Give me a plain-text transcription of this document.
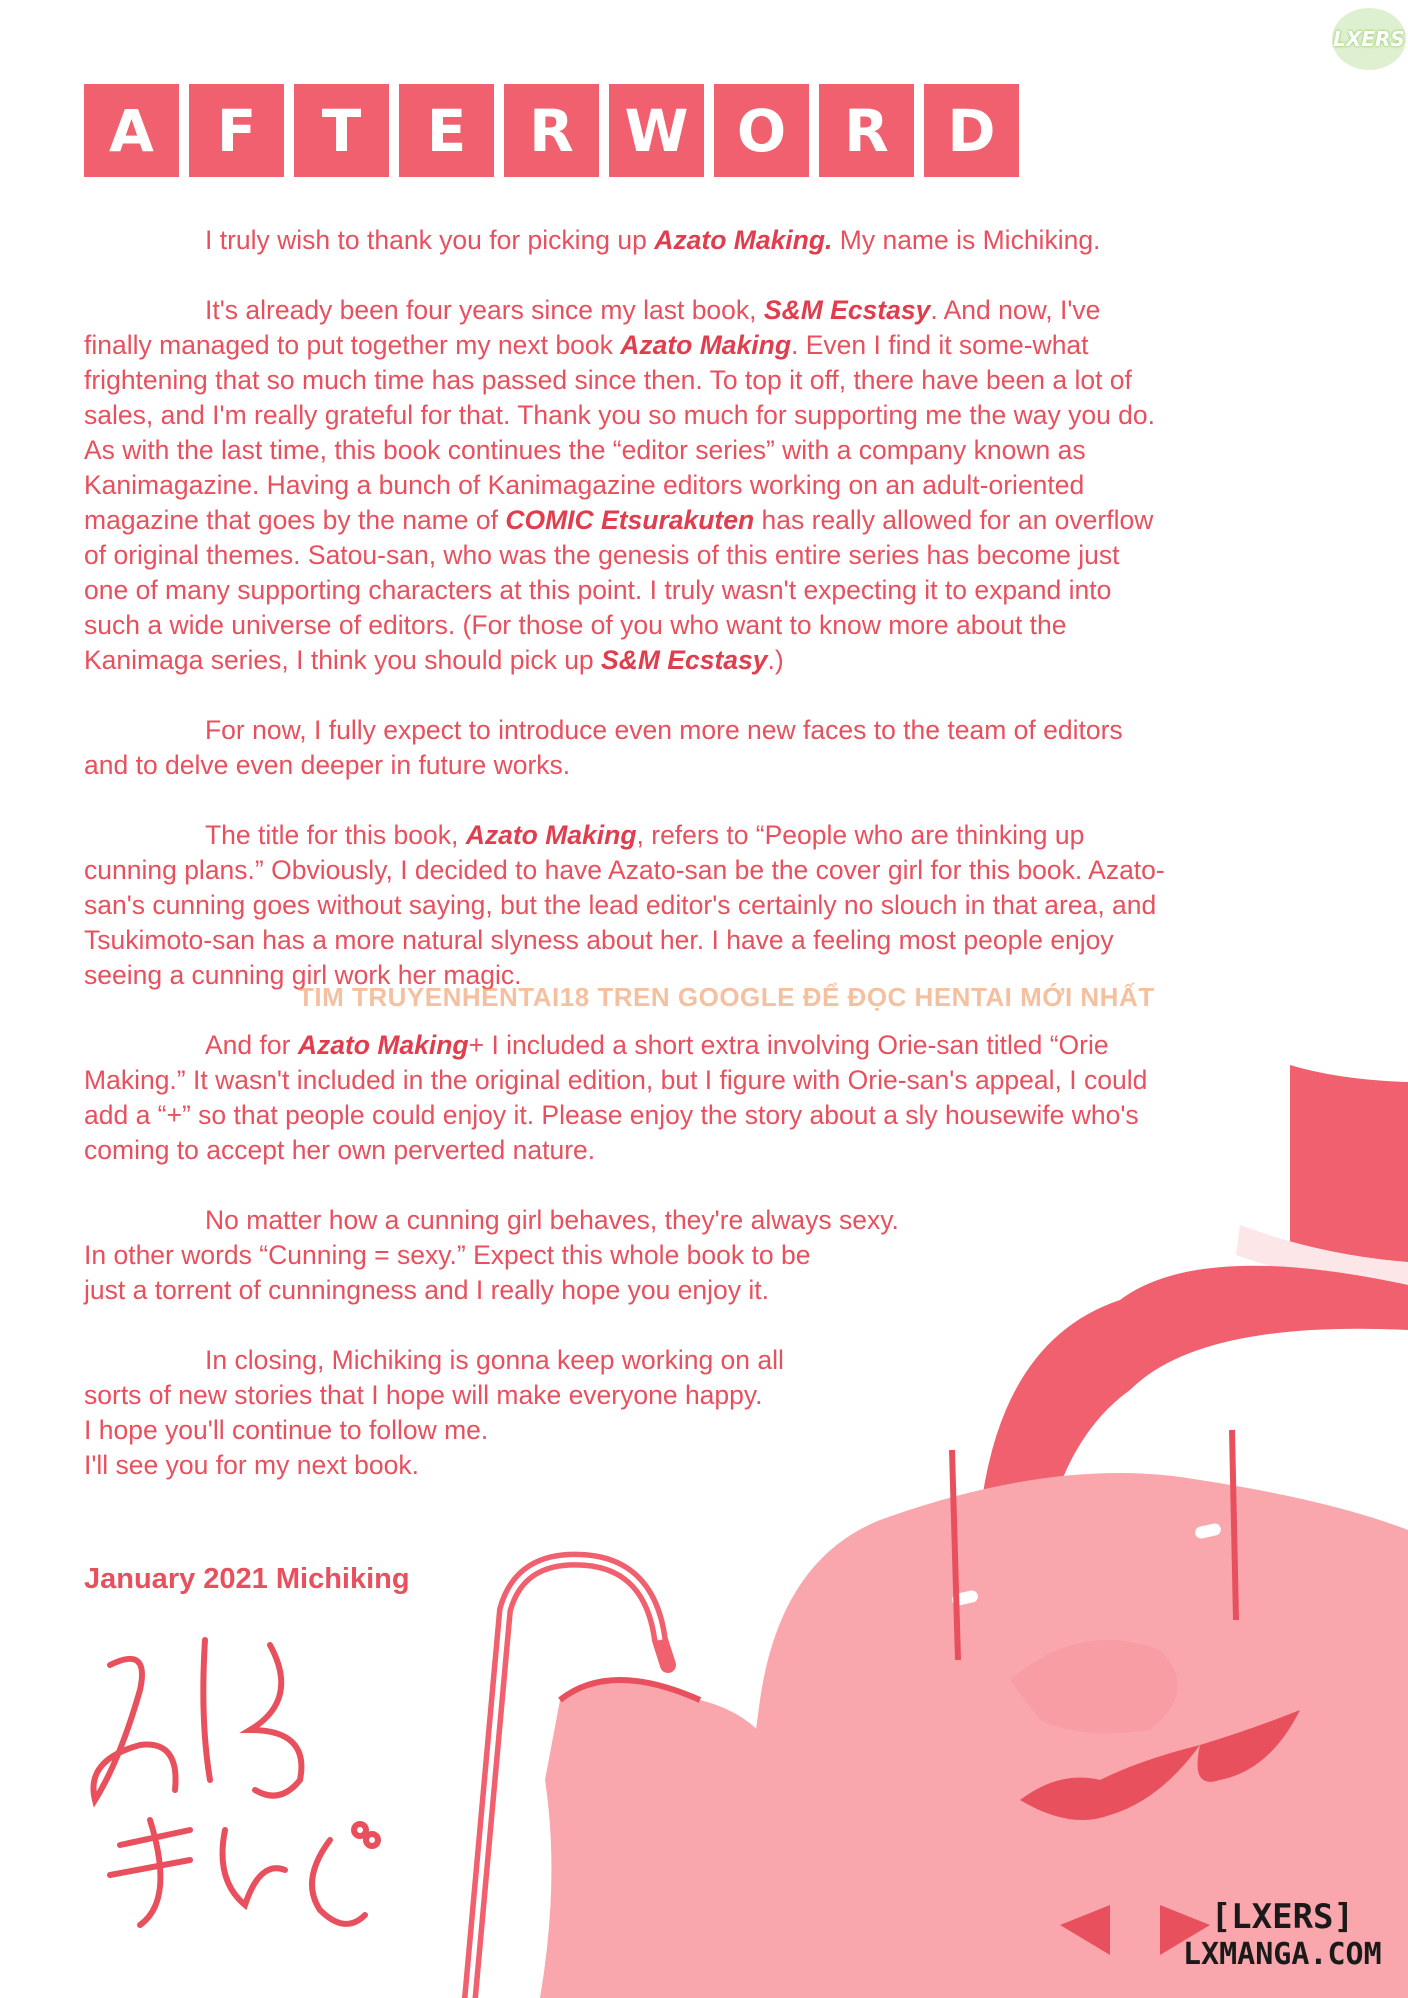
LXERS
A	F	T	E	R W O	R	D

I truly wish to thank you for picking up Azato Making. My name is Michiking.

It's already been four years since my last book, S&M Ecstasy. And now, I've finally managed to put together my next book Azato Making. Even I find it some-what frightening that so much time has passed since then. To top it off, there have been a lot of sales, and I'm really grateful for that. Thank you so much for supporting me the way you do. As with the last time, this book continues the “editor series” with a company known as Kanimagazine. Having a bunch of Kanimagazine editors working on an adult-oriented magazine that goes by the name of COMIC Etsurakuten has really allowed for an overflow of original themes. Satou-san, who was the genesis of this entire series has become just one of many supporting characters at this point. I truly wasn't expecting it to expand into such a wide universe of editors. (For those of you who want to know more about the Kanimaga series, I think you should pick up S&M Ecstasy.)

For now, I fully expect to introduce even more new faces to the team of editors and to delve even deeper in future works.

The title for this book, Azato Making, refers to “People who are thinking up cunning plans.” Obviously, I decided to have Azato-san be the cover girl for this book. Azato-san's cunning goes without saying, but the lead editor's certainly no slouch in that area, and Tsukimoto-san has a more natural slyness about her. I have a feeling most people enjoy seeing a cunning girl work her magic.

And for Azato Making+ I included a short extra involving Orie-san titled “Orie Making.” It wasn't included in the original edition, but I figure with Orie-san's appeal, I could add a “+” so that people could enjoy it. Please enjoy the story about a sly housewife who's coming to accept her own perverted nature.

No matter how a cunning girl behaves, they're always sexy.
In other words “Cunning = sexy.” Expect this whole book to be
just a torrent of cunningness and I really hope you enjoy it.

In closing, Michiking is gonna keep working on all
sorts of new stories that I hope will make everyone happy.
I hope you'll continue to follow me.
I'll see you for my next book.

January 2021 Michiking
TIM TRUYENHENTAI18 TREN GOOGLE ĐỂ ĐỌC HENTAI MỚI NHẤT
[LXERS]
LXMANGA.COM
